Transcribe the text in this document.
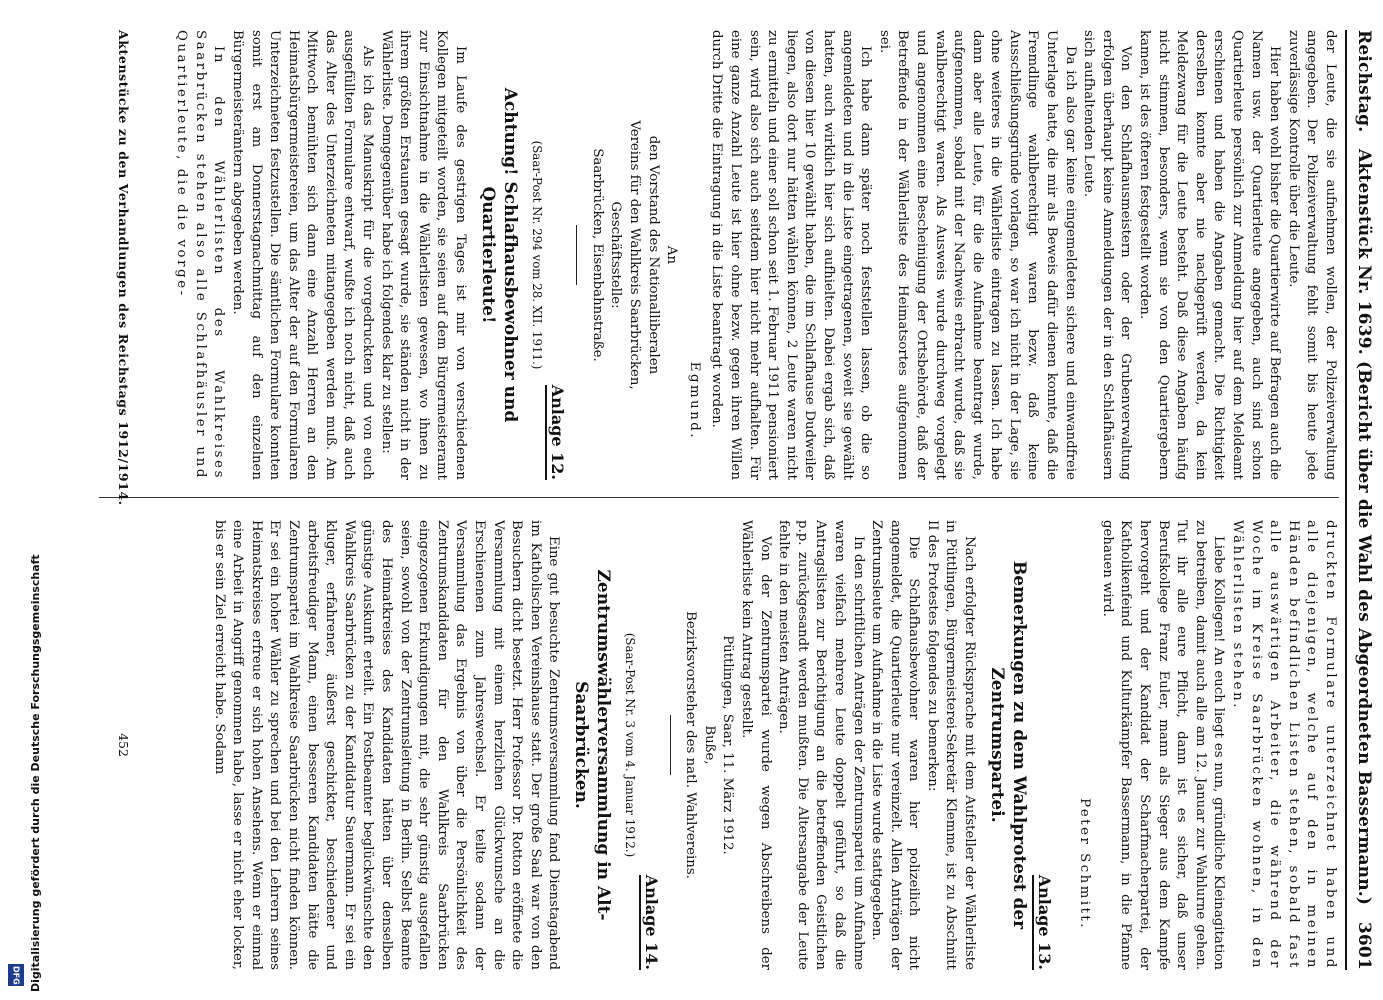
Digitalisierung gefördert durch die Deutsche Forschungsgemeinschaft
DFG
Reichstag.
Aktenstück Nr. 1639. (Bericht über die Wahl des Abgeordneten Bassermann.)
3601

der Leute, die sie aufnehmen wollen, der Polizeiverwaltung angegeben. Der Polizeiverwaltung fehlt somit bis heute jede zuverlässige Kontrolle über die Leute.

Hier haben wohl bisher die Quartierwirte auf Befragen auch die Namen usw. der Quartierleute angegeben, auch sind schon Quartierleute persönlich zur Anmeldung hier auf dem Meldeamt erschienen und haben die Angaben gemacht. Die Richtigkeit derselben konnte aber nie nachgeprüft werden, da kein Meldezwang für die Leute besteht. Daß diese Angaben häufig nicht stimmen, besonders, wenn sie von den Quartiergebern kamen, ist des öfteren festgestellt worden.

Von den Schlafhausmeistern oder der Grubenverwaltung erfolgen überhaupt keine Anmeldungen der in den Schlafhäusern sich aufhaltenden Leute.

Da ich also gar keine eingemeldeten sichere und einwandfreie Unterlage hatte, die mir als Beweis dafür dienen konnte, daß die Fremdlinge wahlberechtigt waren bezw. daß keine Ausschließungsgründe vorlagen, so war ich nicht in der Lage, sie ohne weiteres in die Wählerliste eintragen zu lassen. Ich habe dann aber alle Leute, für die die Aufnahme beantragt wurde, aufgenommen, sobald mit der Nachweis erbracht wurde, daß sie wahlberechtigt waren. Als Ausweis wurde durchweg vorgelegt und angenommen eine Bescheinigung der Ortsbehörde, daß der Betreffende in der Wählerliste des Heimatsortes aufgenommen sei.

Ich habe dann später noch feststellen lassen, ob die so angemeldeten und in die Liste eingetragenen, soweit sie gewählt hatten, auch wirklich hier sich aufhielten. Dabei ergab sich, daß von diesen hier 10 gewählt haben, die im Schlafhause Dudweiler liegen, also dort nur hätten wählen können, 2 Leute waren nicht zu ermitteln und einer soll schon seit 1. Februar 1911 pensioniert sein, wird also sich auch seitdem hier nicht mehr aufhalten. Für eine ganze Anzahl Leute ist hier ohne bezw. gegen ihren Willen durch Dritte die Eintragung in die Liste beantragt worden.

Egmund.

An

den Vorstand des Nationalliberalen

Vereins für den Wahlkreis Saarbrücken,

Geschäftsstelle:

Saarbrücken, Eisenbahnstraße.

Anlage 12.
(Saar-Post Nr. 294 vom 28. XII. 1911.)
Achtung! Schlafhausbewohner und Quartierleute!

Im Laufe des gestrigen Tages ist mir von verschiedenen Kollegen mitgeteilt worden, sie seien auf dem Bürgermeisteramt zur Einsichtnahme in die Wählerlisten gewesen, wo ihnen zu ihrem größten Erstaunen gesagt wurde, sie ständen nicht in der Wählerliste. Demgegenüber habe ich folgendes klar zu stellen:

Als ich das Manuskript für die vorgedruckten und von euch ausgefüllten Formulare entwarf, wußte ich noch nicht, daß auch das Alter des Unterzeichneten mitangegeben werden muß. Am Mittwoch bemühten sich dann eine Anzahl Herren an den Heimatsbürgermeistereien, um das Alter der auf den Formularen Unterzeichneten festzustellen. Die sämtlichen Formulare konnten somit erst am Donnerstagnachmittag auf den einzelnen Bürgermeisterämtern abgegeben werden.

In den Wählerlisten des Wahlkreises Saarbrücken stehen also alle Schlafhäusler und Quartierleute, die die vorge-

Aktenstücke zu den Verhandlungen des Reichstags 1912/1914.

druckten Formulare unterzeichnet haben und alle diejenigen, welche auf den in meinen Händen befindlichen Listen stehen, sobald fast alle auswärtigen Arbeiter, die während der Woche im Kreise Saarbrücken wohnen, in den Wählerlisten stehen.

Liebe Kollegen! An euch liegt es nun, gründliche Kleinagitation zu betreiben, damit auch alle am 12. Januar zur Wahlurne gehen. Tut ihr alle eure Pflicht, dann ist es sicher, daß unser Berufskollege Franz Euler, mann als Sieger aus dem Kampfe hervorgeht und der Kandidat der Scharfmacherpartei, der Katholikenfeind und Kulturkämpfer Bassermann, in die Pfanne gehauen wird.

Peter Schmitt.
Anlage 13.
Bemerkungen zu dem Wahlprotest der Zentrumspartei.

Nach erfolgter Rücksprache mit dem Aufsteller der Wählerliste in Püttlingen, Bürgermeisterei-Sekretär Klemme, ist zu Abschnitt II des Protestes folgendes zu bemerken:

Die Schlafhausbewohner waren hier polizeilich nicht angemeldet, die Quartierleute nur vereinzelt. Allen Anträgen der Zentrumsleute um Aufnahme in die Liste wurde stattgegeben.

In den schriftlichen Anträgen der Zentrumspartei um Aufnahme waren vielfach mehrere Leute doppelt geführt, so daß die Antragslisten zur Berichtigung an die betreffenden Geistlichen p.p. zurückgesandt werden mußten. Die Altersangabe der Leute fehlte in den meisten Anträgen.

Von der Zentrumspartei wurde wegen Abschreibens der Wählerliste kein Antrag gestellt.

Püttlingen, Saar, 11. März 1912.

Buße,

Bezirksvorsteher des natl. Wahlvereins.

Anlage 14.
(Saar-Post Nr. 3 vom 4. Januar 1912.)
Zentrumswählerversammlung in Alt-Saarbrücken.

Eine gut besuchte Zentrumsversammlung fand Dienstagabend im Katholischen Vereinshause statt. Der große Saal war von den Besuchern dicht besetzt. Herr Professor Dr. Rotton eröffnete die Versammlung mit einem herzlichen Glückwunsche an die Erschienenen zum Jahreswechsel. Er teilte sodann der Versammlung das Ergebnis von über die Persönlichkeit des Zentrumskandidaten für den Wahlkreis Saarbrücken eingezogenen Erkundigungen mit, die sehr günstig ausgefallen seien, sowohl von der Zentrumsleitung in Berlin. Selbst Beamte des Heimatkreises des Kandidaten hätten über denselben günstige Auskunft erteilt. Ein Postbeamter beglückwünschte den Wahlkreis Saarbrücken zu der Kandidatur Sauermann. Er sei ein kluger, erfahrener, äußerst geschickter, beschiedener und arbeitsfreudiger Mann, einen besseren Kandidaten hätte die Zentrumspartei im Wahlkreise Saarbrücken nicht finden können. Er sei ein hoher Wähler zu sprechen und bei den Lehrern seines Heimatskreises erfreue er sich hohen Ansehens. Wenn er einmal eine Arbeit in Angriff genommen habe, lasse er nicht eher locker, bis er sein Ziel erreicht habe. Sodann

452
